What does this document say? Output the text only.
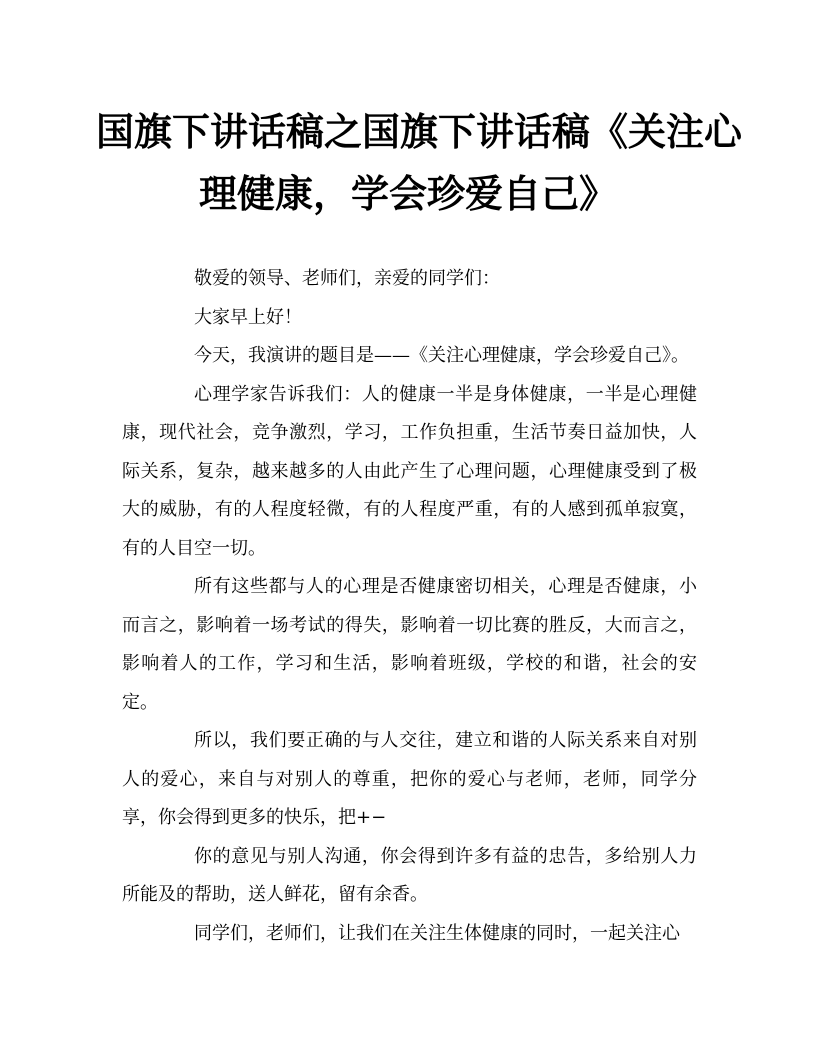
国旗下讲话稿之国旗下讲话稿《关注心
理健康，学会珍爱自己》

敬爱的领导、老师们，亲爱的同学们：

大家早上好！

今天，我演讲的题目是——《关注心理健康，学会珍爱自己》。

心理学家告诉我们：人的健康一半是身体健康，一半是心理健康，现代社会，竞争激烈，学习，工作负担重，生活节奏日益加快，人际关系，复杂，越来越多的人由此产生了心理问题，心理健康受到了极大的威胁，有的人程度轻微，有的人程度严重，有的人感到孤单寂寞，有的人目空一切。

所有这些都与人的心理是否健康密切相关，心理是否健康，小而言之，影响着一场考试的得失，影响着一切比赛的胜反，大而言之，影响着人的工作，学习和生活，影响着班级，学校的和谐，社会的安定。

所以，我们要正确的与人交往，建立和谐的人际关系来自对别人的爱心，来自与对别人的尊重，把你的爱心与老师，老师，同学分享，你会得到更多的快乐，把+−

你的意见与别人沟通，你会得到许多有益的忠告，多给别人力所能及的帮助，送人鲜花，留有余香。

同学们，老师们，让我们在关注生体健康的同时，一起关注心
